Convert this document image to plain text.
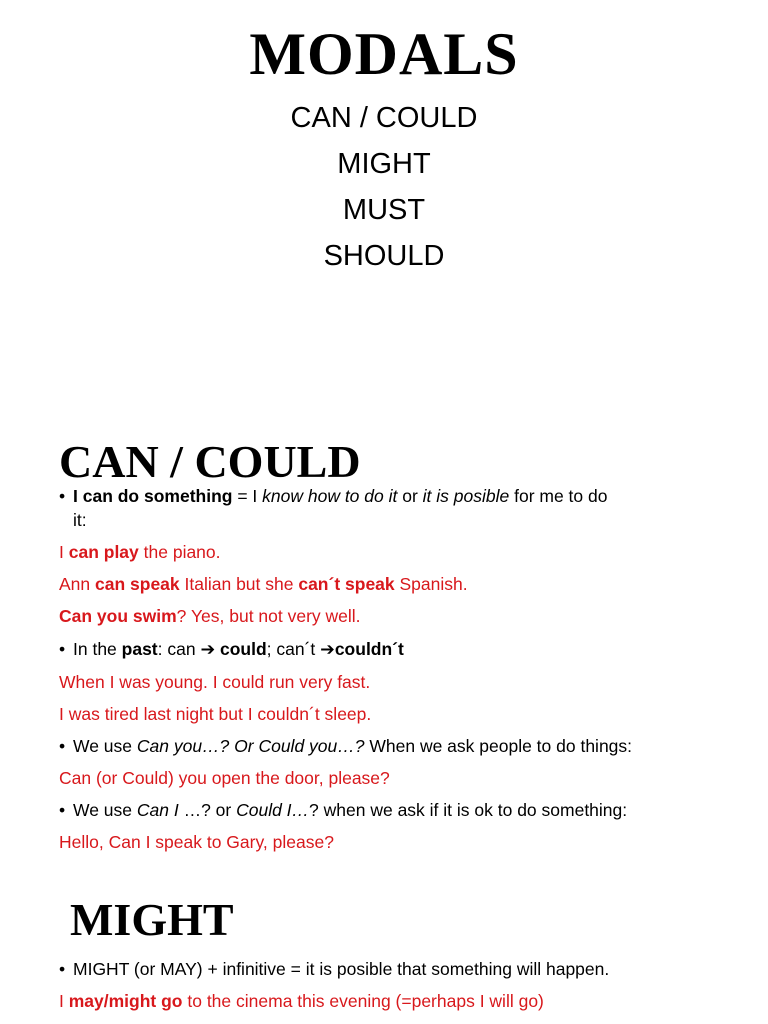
MODALS
CAN / COULD
MIGHT
MUST
SHOULD
CAN / COULD
• I can do something = I know how to do it or it is posible for me to do
it:
I can play the piano.
Ann can speak Italian but she can´t speak Spanish.
Can you swim? Yes, but not very well.
• In the past: can ➔ could; can´t ➔couldn´t
When I was young. I could run very fast.
I was tired last night but I couldn´t sleep.
• We use Can you…? Or Could you…? When we ask people to do things:
Can (or Could) you open the door, please?
• We use Can I …? or Could I…? when we ask if it is ok to do something:
Hello, Can I speak to Gary, please?
MIGHT
• MIGHT (or MAY) + infinitive = it is posible that something will happen.
I may/might go to the cinema this evening (=perhaps I will go)
